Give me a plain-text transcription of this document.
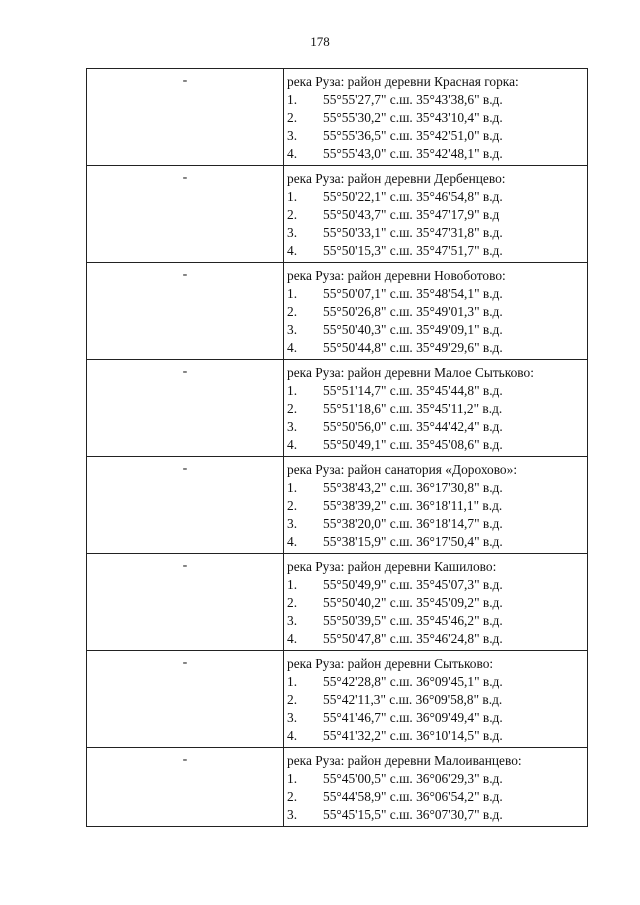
178
-	река Руза: район деревни Красная горка:
1. 55°55'27,7" с.ш. 35°43'38,6" в.д.
2. 55°55'30,2" с.ш. 35°43'10,4" в.д.
3. 55°55'36,5" с.ш. 35°42'51,0" в.д.
4. 55°55'43,0" с.ш. 35°42'48,1" в.д.

-	река Руза: район деревни Дербенцево:
1. 55°50'22,1" с.ш. 35°46'54,8" в.д.
2. 55°50'43,7" с.ш. 35°47'17,9" в.д
3. 55°50'33,1" с.ш. 35°47'31,8" в.д.
4. 55°50'15,3" с.ш. 35°47'51,7" в.д.

-	река Руза: район деревни Новоботово:
1. 55°50'07,1" с.ш. 35°48'54,1" в.д.
2. 55°50'26,8" с.ш. 35°49'01,3" в.д.
3. 55°50'40,3" с.ш. 35°49'09,1" в.д.
4. 55°50'44,8" с.ш. 35°49'29,6" в.д.

-	река Руза: район деревни Малое Сытьково:
1. 55°51'14,7" с.ш. 35°45'44,8" в.д.
2. 55°51'18,6" с.ш. 35°45'11,2" в.д.
3. 55°50'56,0" с.ш. 35°44'42,4" в.д.
4. 55°50'49,1" с.ш. 35°45'08,6" в.д.

-	река Руза: район санатория «Дорохово»:
1. 55°38'43,2" с.ш. 36°17'30,8" в.д.
2. 55°38'39,2" с.ш. 36°18'11,1" в.д.
3. 55°38'20,0" с.ш. 36°18'14,7" в.д.
4. 55°38'15,9" с.ш. 36°17'50,4" в.д.

-	река Руза: район деревни Кашилово:
1. 55°50'49,9" с.ш. 35°45'07,3" в.д.
2. 55°50'40,2" с.ш. 35°45'09,2" в.д.
3. 55°50'39,5" с.ш. 35°45'46,2" в.д.
4. 55°50'47,8" с.ш. 35°46'24,8" в.д.

-	река Руза: район деревни Сытьково:
1. 55°42'28,8" с.ш. 36°09'45,1" в.д.
2. 55°42'11,3" с.ш. 36°09'58,8" в.д.
3. 55°41'46,7" с.ш. 36°09'49,4" в.д.
4. 55°41'32,2" с.ш. 36°10'14,5" в.д.

-	река Руза: район деревни Малоиванцево:
1. 55°45'00,5" с.ш. 36°06'29,3" в.д.
2. 55°44'58,9" с.ш. 36°06'54,2" в.д.
3. 55°45'15,5" с.ш. 36°07'30,7" в.д.
